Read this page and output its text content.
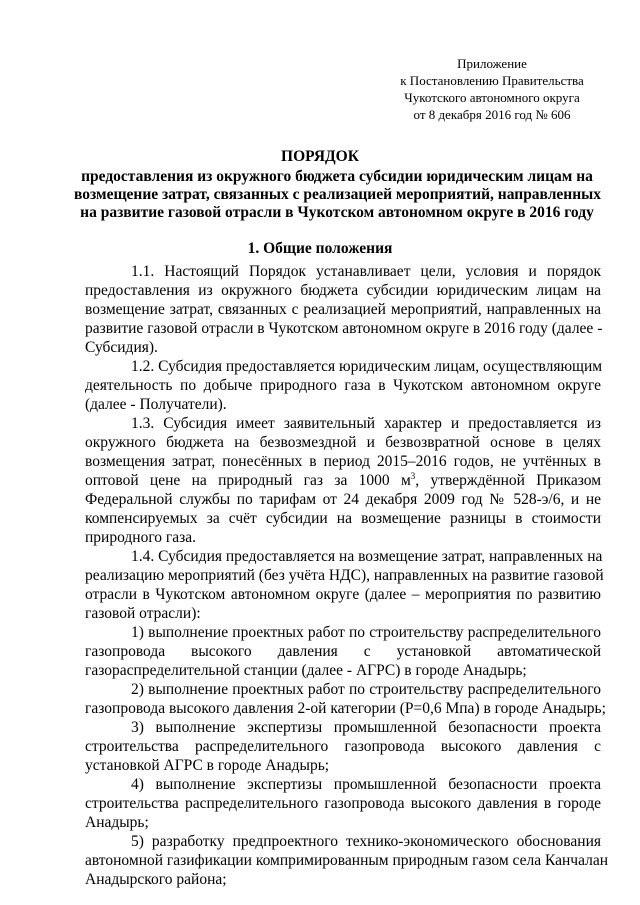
Приложение
к Постановлению Правительства
Чукотского автономного округа
от 8 декабря 2016 год № 606
ПОРЯДОК
предоставления из окружного бюджета субсидии юридическим лицам на
возмещение затрат, связанных с реализацией мероприятий, направленных
на развитие газовой отрасли в Чукотском автономном округе в 2016 году
1. Общие положения
1.1. Настоящий Порядок устанавливает цели, условия и порядок
предоставления из окружного бюджета субсидии юридическим лицам на
возмещение затрат, связанных с реализацией мероприятий, направленных на
развитие газовой отрасли в Чукотском автономном округе в 2016 году (далее -
Субсидия).
1.2. Субсидия предоставляется юридическим лицам, осуществляющим
деятельность по добыче природного газа в Чукотском автономном округе
(далее - Получатели).
1.3. Субсидия имеет заявительный характер и предоставляется из
окружного бюджета на безвозмездной и безвозвратной основе в целях
возмещения затрат, понесённых в период 2015–2016 годов, не учтённых в
оптовой цене на природный газ за 1000 $м^3$, утверждённой Приказом
Федеральной службы по тарифам от 24 декабря 2009 год № 528-э/6, и не
компенсируемых за счёт субсидии на возмещение разницы в стоимости
природного газа.
1.4. Субсидия предоставляется на возмещение затрат, направленных на
реализацию мероприятий (без учёта НДС), направленных на развитие газовой
отрасли в Чукотском автономном округе (далее – мероприятия по развитию
газовой отрасли):
1) выполнение проектных работ по строительству распределительного
газопровода высокого давления с установкой автоматической
газораспределительной станции (далее - АГРС) в городе Анадырь;
2) выполнение проектных работ по строительству распределительного
газопровода высокого давления 2-ой категории (Р=0,6 Мпа) в городе Анадырь;
3) выполнение экспертизы промышленной безопасности проекта
строительства распределительного газопровода высокого давления с
установкой АГРС в городе Анадырь;
4) выполнение экспертизы промышленной безопасности проекта
строительства распределительного газопровода высокого давления в городе
Анадырь;
5) разработку предпроектного технико-экономического обоснования
автономной газификации компримированным природным газом села Канчалан
Анадырского района;
